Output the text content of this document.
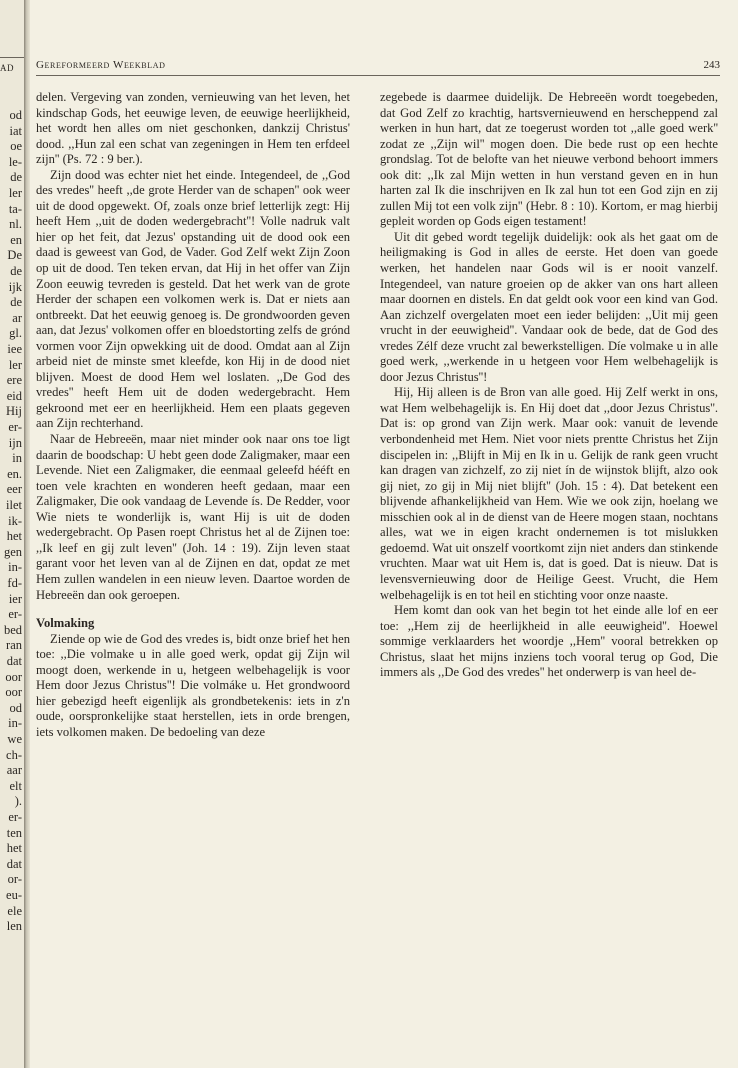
AD
od
iat
oe
le-
de
ler
ta-
nl.
en
De
de
ijk
de
ar
gl.
iee
ler
ere
eid
Hij
er-
ijn
in
en.
eer
ilet
ik-
het
gen
in-
fd-
ier
er-
bed
ran
dat
oor
oor
od
in-
we
ch-
aar
elt
).
er-
ten
het
dat
or-
eu-
ele
len
Gereformeerd Weekblad	243

delen. Vergeving van zonden, vernieuwing van het leven, het kindschap Gods, het eeuwige leven, de eeuwige heerlijkheid, het wordt hen alles om niet geschonken, dankzij Christus' dood. ,,Hun zal een schat van zegeningen in Hem ten erfdeel zijn'' (Ps. 72 : 9 ber.).

Zijn dood was echter niet het einde. Integendeel, de ,,God des vredes'' heeft ,,de grote Herder van de schapen'' ook weer uit de dood opgewekt. Of, zoals onze brief letterlijk zegt: Hij heeft Hem ,,uit de doden wedergebracht''! Volle nadruk valt hier op het feit, dat Jezus' opstanding uit de dood ook een daad is geweest van God, de Vader. God Zelf wekt Zijn Zoon op uit de dood. Ten teken ervan, dat Hij in het offer van Zijn Zoon eeuwig tevreden is gesteld. Dat het werk van de grote Herder der schapen een volkomen werk is. Dat er niets aan ontbreekt. Dat het eeuwig genoeg is. De grondwoorden geven aan, dat Jezus' volkomen offer en bloedstorting zelfs de grónd vormen voor Zijn opwekking uit de dood. Omdat aan al Zijn arbeid niet de minste smet kleefde, kon Hij in de dood niet blijven. Moest de dood Hem wel loslaten. ,,De God des vredes'' heeft Hem uit de doden wedergebracht. Hem gekroond met eer en heerlijkheid. Hem een plaats gegeven aan Zijn rechterhand.

Naar de Hebreeën, maar niet minder ook naar ons toe ligt daarin de boodschap: U hebt geen dode Zaligmaker, maar een Levende. Niet een Zaligmaker, die eenmaal geleefd hééft en toen vele krachten en wonderen heeft gedaan, maar een Zaligmaker, Die ook vandaag de Levende ís. De Redder, voor Wie niets te wonderlijk is, want Hij is uit de doden wedergebracht. Op Pasen roept Christus het al de Zijnen toe: ,,Ik leef en gij zult leven'' (Joh. 14 : 19). Zijn leven staat garant voor het leven van al de Zijnen en dat, opdat ze met Hem zullen wandelen in een nieuw leven. Daartoe worden de Hebreeën dan ook geroepen.

Volmaking

Ziende op wie de God des vredes is, bidt onze brief het hen toe: ,,Die volmake u in alle goed werk, opdat gij Zijn wil moogt doen, werkende in u, hetgeen welbehagelijk is voor Hem door Jezus Christus''! Die volmáke u. Het grondwoord hier gebezigd heeft eigenlijk als grondbetekenis: iets in z'n oude, oorspronkelijke staat herstellen, iets in orde brengen, iets volkomen maken. De bedoeling van deze

zegebede is daarmee duidelijk. De Hebreeën wordt toegebeden, dat God Zelf zo krachtig, hartsvernieuwend en herscheppend zal werken in hun hart, dat ze toegerust worden tot ,,alle goed werk'' zodat ze ,,Zijn wil'' mogen doen. Die bede rust op een hechte grondslag. Tot de belofte van het nieuwe verbond behoort immers ook dit: ,,Ik zal Mijn wetten in hun verstand geven en in hun harten zal Ik die inschrijven en Ik zal hun tot een God zijn en zij zullen Mij tot een volk zijn'' (Hebr. 8 : 10). Kortom, er mag hierbij gepleit worden op Gods eigen testament!

Uit dit gebed wordt tegelijk duidelijk: ook als het gaat om de heiligmaking is God in alles de eerste. Het doen van goede werken, het handelen naar Gods wil is er nooit vanzelf. Integendeel, van nature groeien op de akker van ons hart alleen maar doornen en distels. En dat geldt ook voor een kind van God. Aan zichzelf overgelaten moet een ieder belijden: ,,Uit mij geen vrucht in der eeuwigheid''. Vandaar ook de bede, dat de God des vredes Zélf deze vrucht zal bewerkstelligen. Díe volmake u in alle goed werk, ,,werkende in u hetgeen voor Hem welbehagelijk is door Jezus Christus''!

Hij, Hij alleen is de Bron van alle goed. Hij Zelf werkt in ons, wat Hem welbehagelijk is. En Hij doet dat ,,door Jezus Christus''. Dat is: op grond van Zijn werk. Maar ook: vanuit de levende verbondenheid met Hem. Niet voor niets prentte Christus het Zijn discipelen in: ,,Blijft in Mij en Ik in u. Gelijk de rank geen vrucht kan dragen van zichzelf, zo zij niet ín de wijnstok blijft, alzo ook gij niet, zo gij in Mij niet blijft'' (Joh. 15 : 4). Dat betekent een blijvende afhankelijkheid van Hem. Wie we ook zijn, hoelang we misschien ook al in de dienst van de Heere mogen staan, nochtans alles, wat we in eigen kracht ondernemen is tot mislukken gedoemd. Wat uit onszelf voortkomt zijn niet anders dan stinkende vruchten. Maar wat uit Hem is, dat is goed. Dat is nieuw. Dat is levensvernieuwing door de Heilige Geest. Vrucht, die Hem welbehagelijk is en tot heil en stichting voor onze naaste.

Hem komt dan ook van het begin tot het einde alle lof en eer toe: ,,Hem zij de heerlijkheid in alle eeuwigheid''. Hoewel sommige verklaarders het woordje ,,Hem'' vooral betrekken op Christus, slaat het mijns inziens toch vooral terug op God, Die immers als ,,De God des vredes'' het onderwerp is van heel de-
